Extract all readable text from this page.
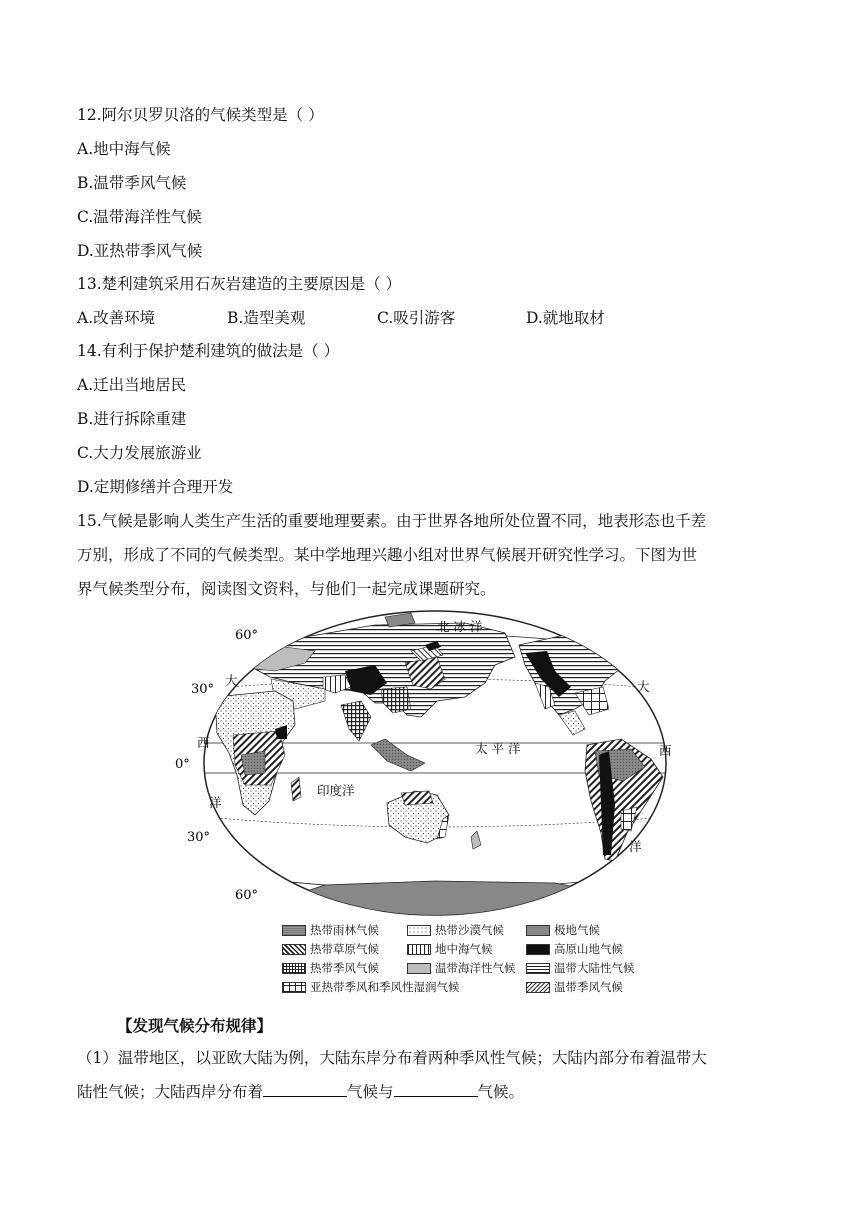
12.阿尔贝罗贝洛的气候类型是（ ）
A.地中海气候
B.温带季风气候
C.温带海洋性气候
D.亚热带季风气候
13.楚利建筑采用石灰岩建造的主要原因是（ ）
A.改善环境	B.造型美观	C.吸引游客	D.就地取材
14.有利于保护楚利建筑的做法是（ ）
A.迁出当地居民
B.进行拆除重建
C.大力发展旅游业
D.定期修缮并合理开发
15.气候是影响人类生产生活的重要地理要素。由于世界各地所处位置不同，地表形态也千差
万别，形成了不同的气候类型。某中学地理兴趣小组对世界气候展开研究性学习。下图为世
界气候类型分布，阅读图文资料，与他们一起完成课题研究。
60°
30°
0°
30°
60°
北 冰 洋
太 平 洋
印度洋
大
西
洋
大
西
洋
热带雨林气候	热带沙漠气候	极地气候
热带草原气候	地中海气候	高原山地气候
热带季风气候	温带海洋性气候	温带大陆性气候
亚热带季风和季风性湿润气候	温带季风气候
【发现气候分布规律】
（1）温带地区，以亚欧大陆为例，大陆东岸分布着两种季风性气候；大陆内部分布着温带大
陆性气候；大陆西岸分布着	气候与	气候。
